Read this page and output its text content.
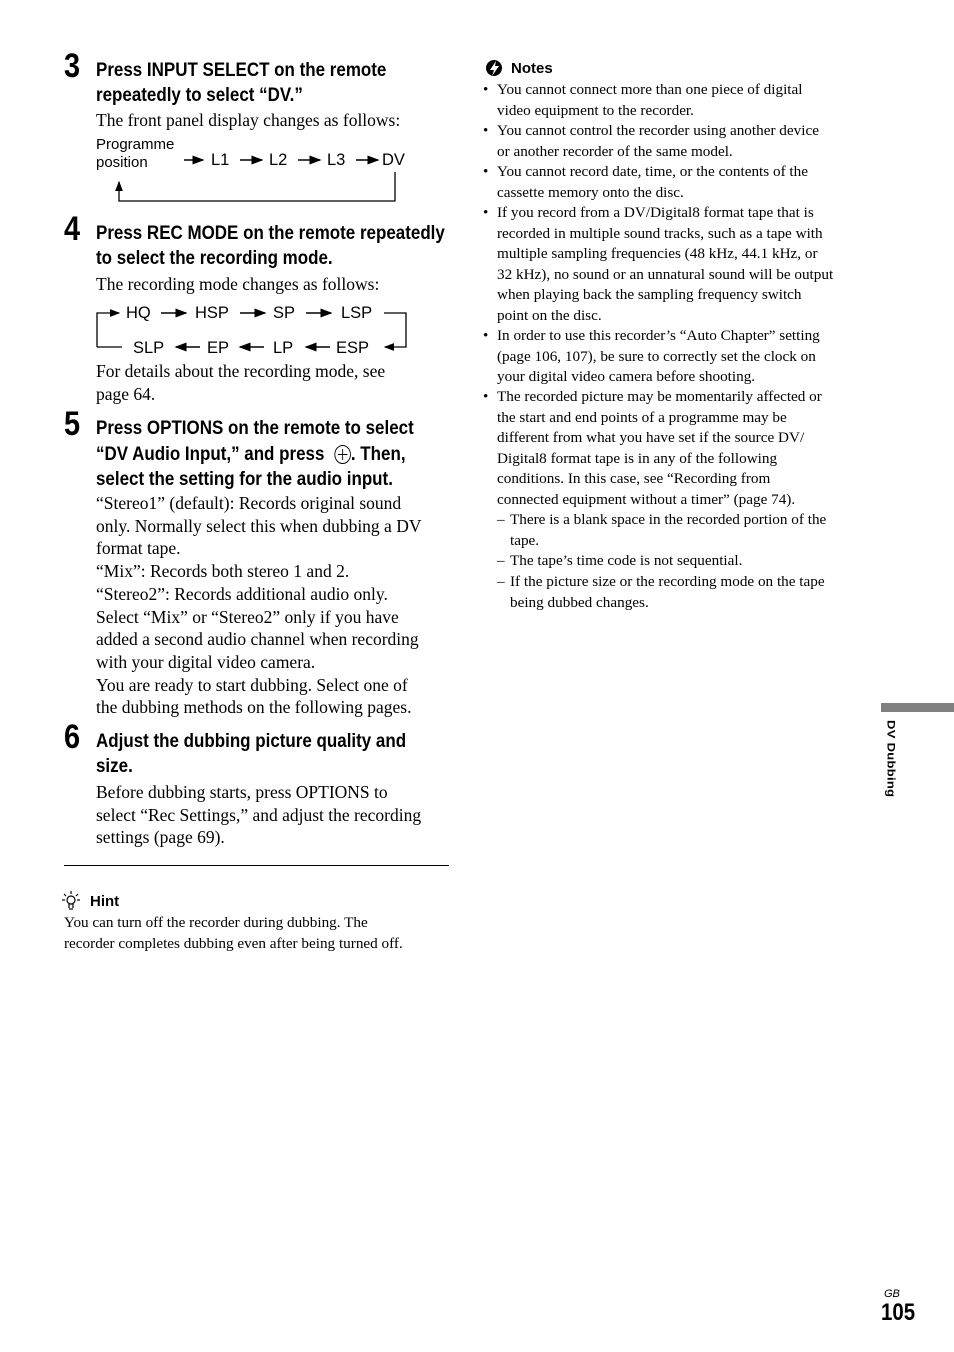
3 Press INPUT SELECT on the remote
repeatedly to select “DV.”
The front panel display changes as follows:
Programme
position	L1 L2 L3 DV
4 Press REC MODE on the remote repeatedly
to select the recording mode.
The recording mode changes as follows:
HQ	HSP	SP	LSP
SLP	EP	LP	ESP
For details about the recording mode, see
page 64.
5 Press OPTIONS on the remote to select
“DV Audio Input,” and press . Then,
select the setting for the audio input.
“Stereo1” (default): Records original sound
only. Normally select this when dubbing a DV
format tape.
“Mix”: Records both stereo 1 and 2.
“Stereo2”: Records additional audio only.
Select “Mix” or “Stereo2” only if you have
added a second audio channel when recording
with your digital video camera.
You are ready to start dubbing. Select one of
the dubbing methods on the following pages.
6 Adjust the dubbing picture quality and
size.
Before dubbing starts, press OPTIONS to
select “Rec Settings,” and adjust the recording
settings (page 69).
Hint
You can turn off the recorder during dubbing. The
recorder completes dubbing even after being turned off.
Notes
• You cannot connect more than one piece of digital
video equipment to the recorder.
• You cannot control the recorder using another device
or another recorder of the same model.
• You cannot record date, time, or the contents of the
cassette memory onto the disc.
• If you record from a DV/Digital8 format tape that is
recorded in multiple sound tracks, such as a tape with
multiple sampling frequencies (48 kHz, 44.1 kHz, or
32 kHz), no sound or an unnatural sound will be output
when playing back the sampling frequency switch
point on the disc.
• In order to use this recorder’s “Auto Chapter” setting
(page 106, 107), be sure to correctly set the clock on
your digital video camera before shooting.
• The recorded picture may be momentarily affected or
the start and end points of a programme may be
different from what you have set if the source DV/
Digital8 format tape is in any of the following
conditions. In this case, see “Recording from
connected equipment without a timer” (page 74).
– There is a blank space in the recorded portion of the
tape.
– The tape’s time code is not sequential.
– If the picture size or the recording mode on the tape
being dubbed changes.
DV Dubbing
GB
105
